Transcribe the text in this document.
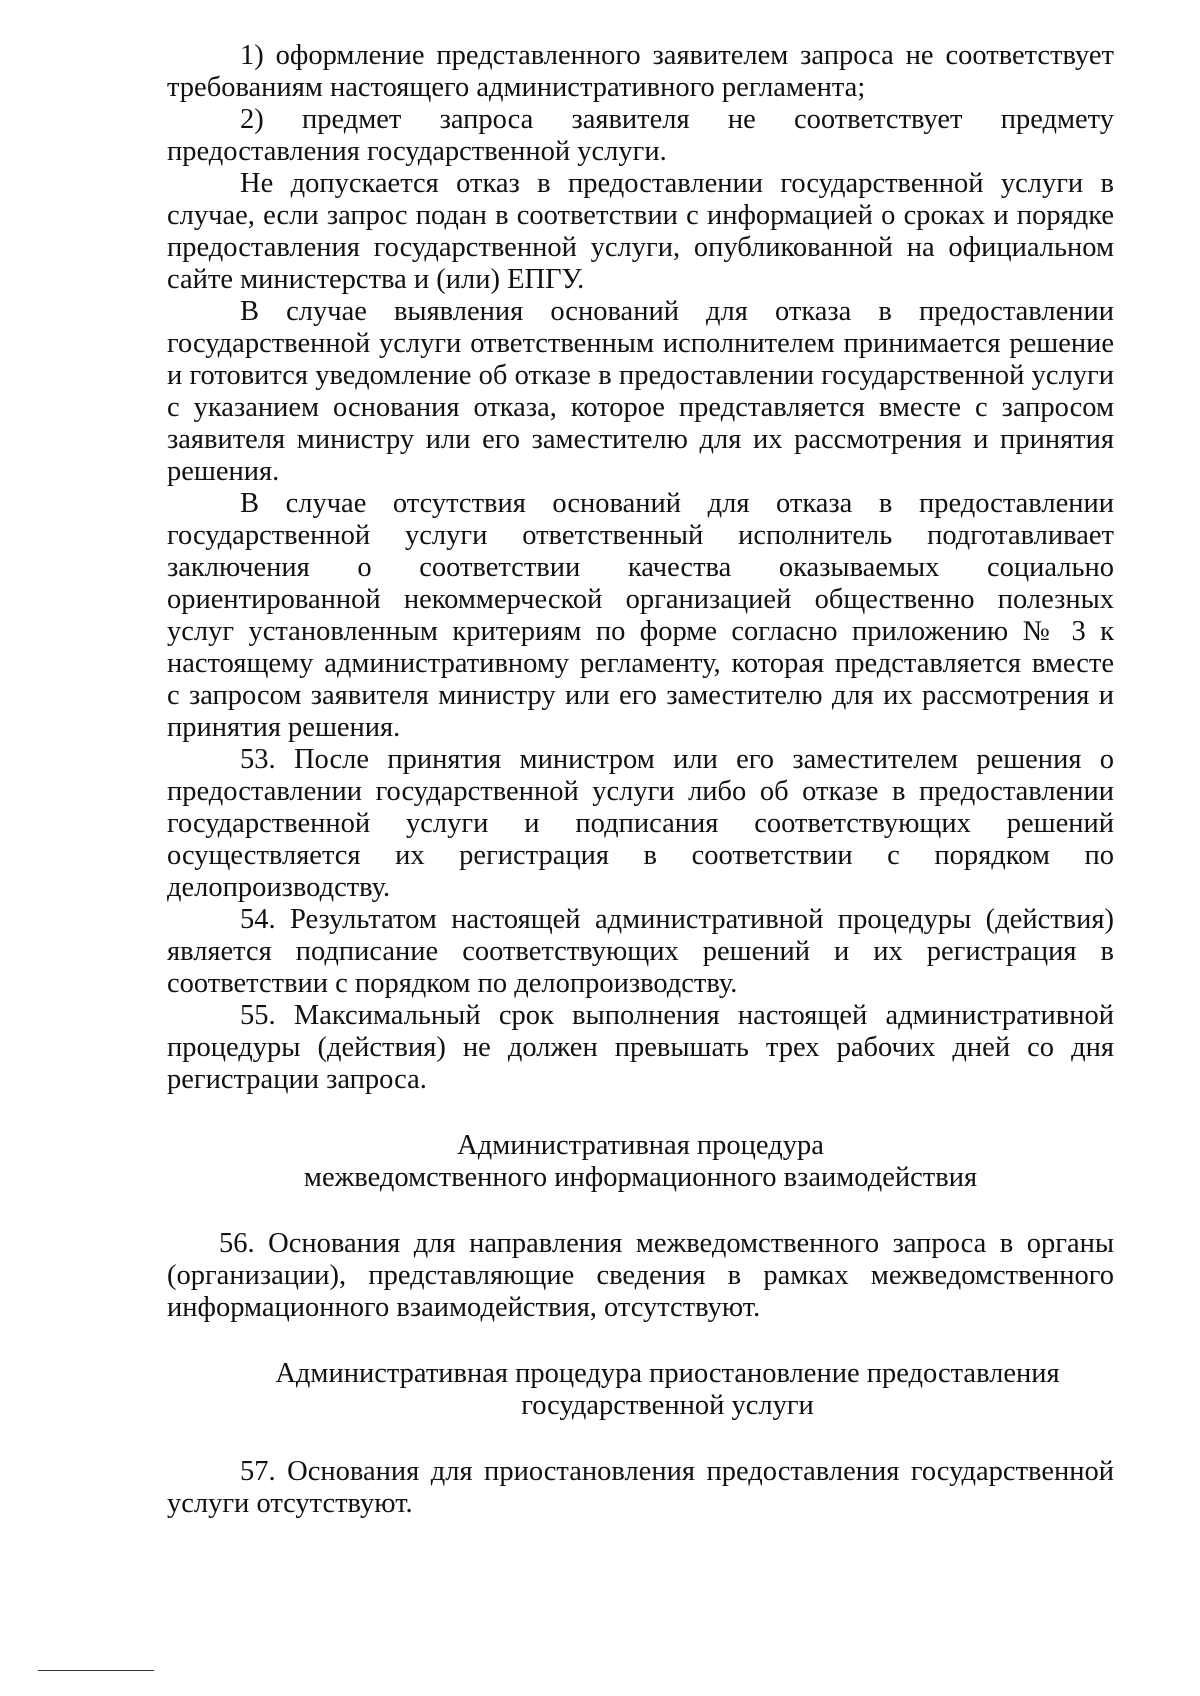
1) оформление представленного заявителем запроса не соответствует требованиям настоящего административного регламента;

2) предмет запроса заявителя не соответствует предмету предоставления государственной услуги.

Не допускается отказ в предоставлении государственной услуги в случае, если запрос подан в соответствии с информацией о сроках и порядке предоставления государственной услуги, опубликованной на официальном сайте министерства и (или) ЕПГУ.

В случае выявления оснований для отказа в предоставлении государственной услуги ответственным исполнителем принимается решение и готовится уведомление об отказе в предоставлении государственной услуги с указанием основания отказа, которое представляется вместе с запросом заявителя министру или его заместителю для их рассмотрения и принятия решения.

В случае отсутствия оснований для отказа в предоставлении государственной услуги ответственный исполнитель подготавливает заключения о соответствии качества оказываемых социально ориентированной некоммерческой организацией общественно полезных услуг установленным критериям по форме согласно приложению № 3 к настоящему административному регламенту, которая представляется вместе с запросом заявителя министру или его заместителю для их рассмотрения и принятия решения.

53. После принятия министром или его заместителем решения о предоставлении государственной услуги либо об отказе в предоставлении государственной услуги и подписания соответствующих решений осуществляется их регистрация в соответствии с порядком по делопроизводству.

54. Результатом настоящей административной процедуры (действия) является подписание соответствующих решений и их регистрация в соответствии с порядком по делопроизводству.

55. Максимальный срок выполнения настоящей административной процедуры (действия) не должен превышать трех рабочих дней со дня регистрации запроса.

Административная процедура
межведомственного информационного взаимодействия

56. Основания для направления межведомственного запроса в органы (организации), представляющие сведения в рамках межведомственного информационного взаимодействия, отсутствуют.

Административная процедура приостановление предоставления
государственной услуги

57. Основания для приостановления предоставления государственной услуги отсутствуют.
